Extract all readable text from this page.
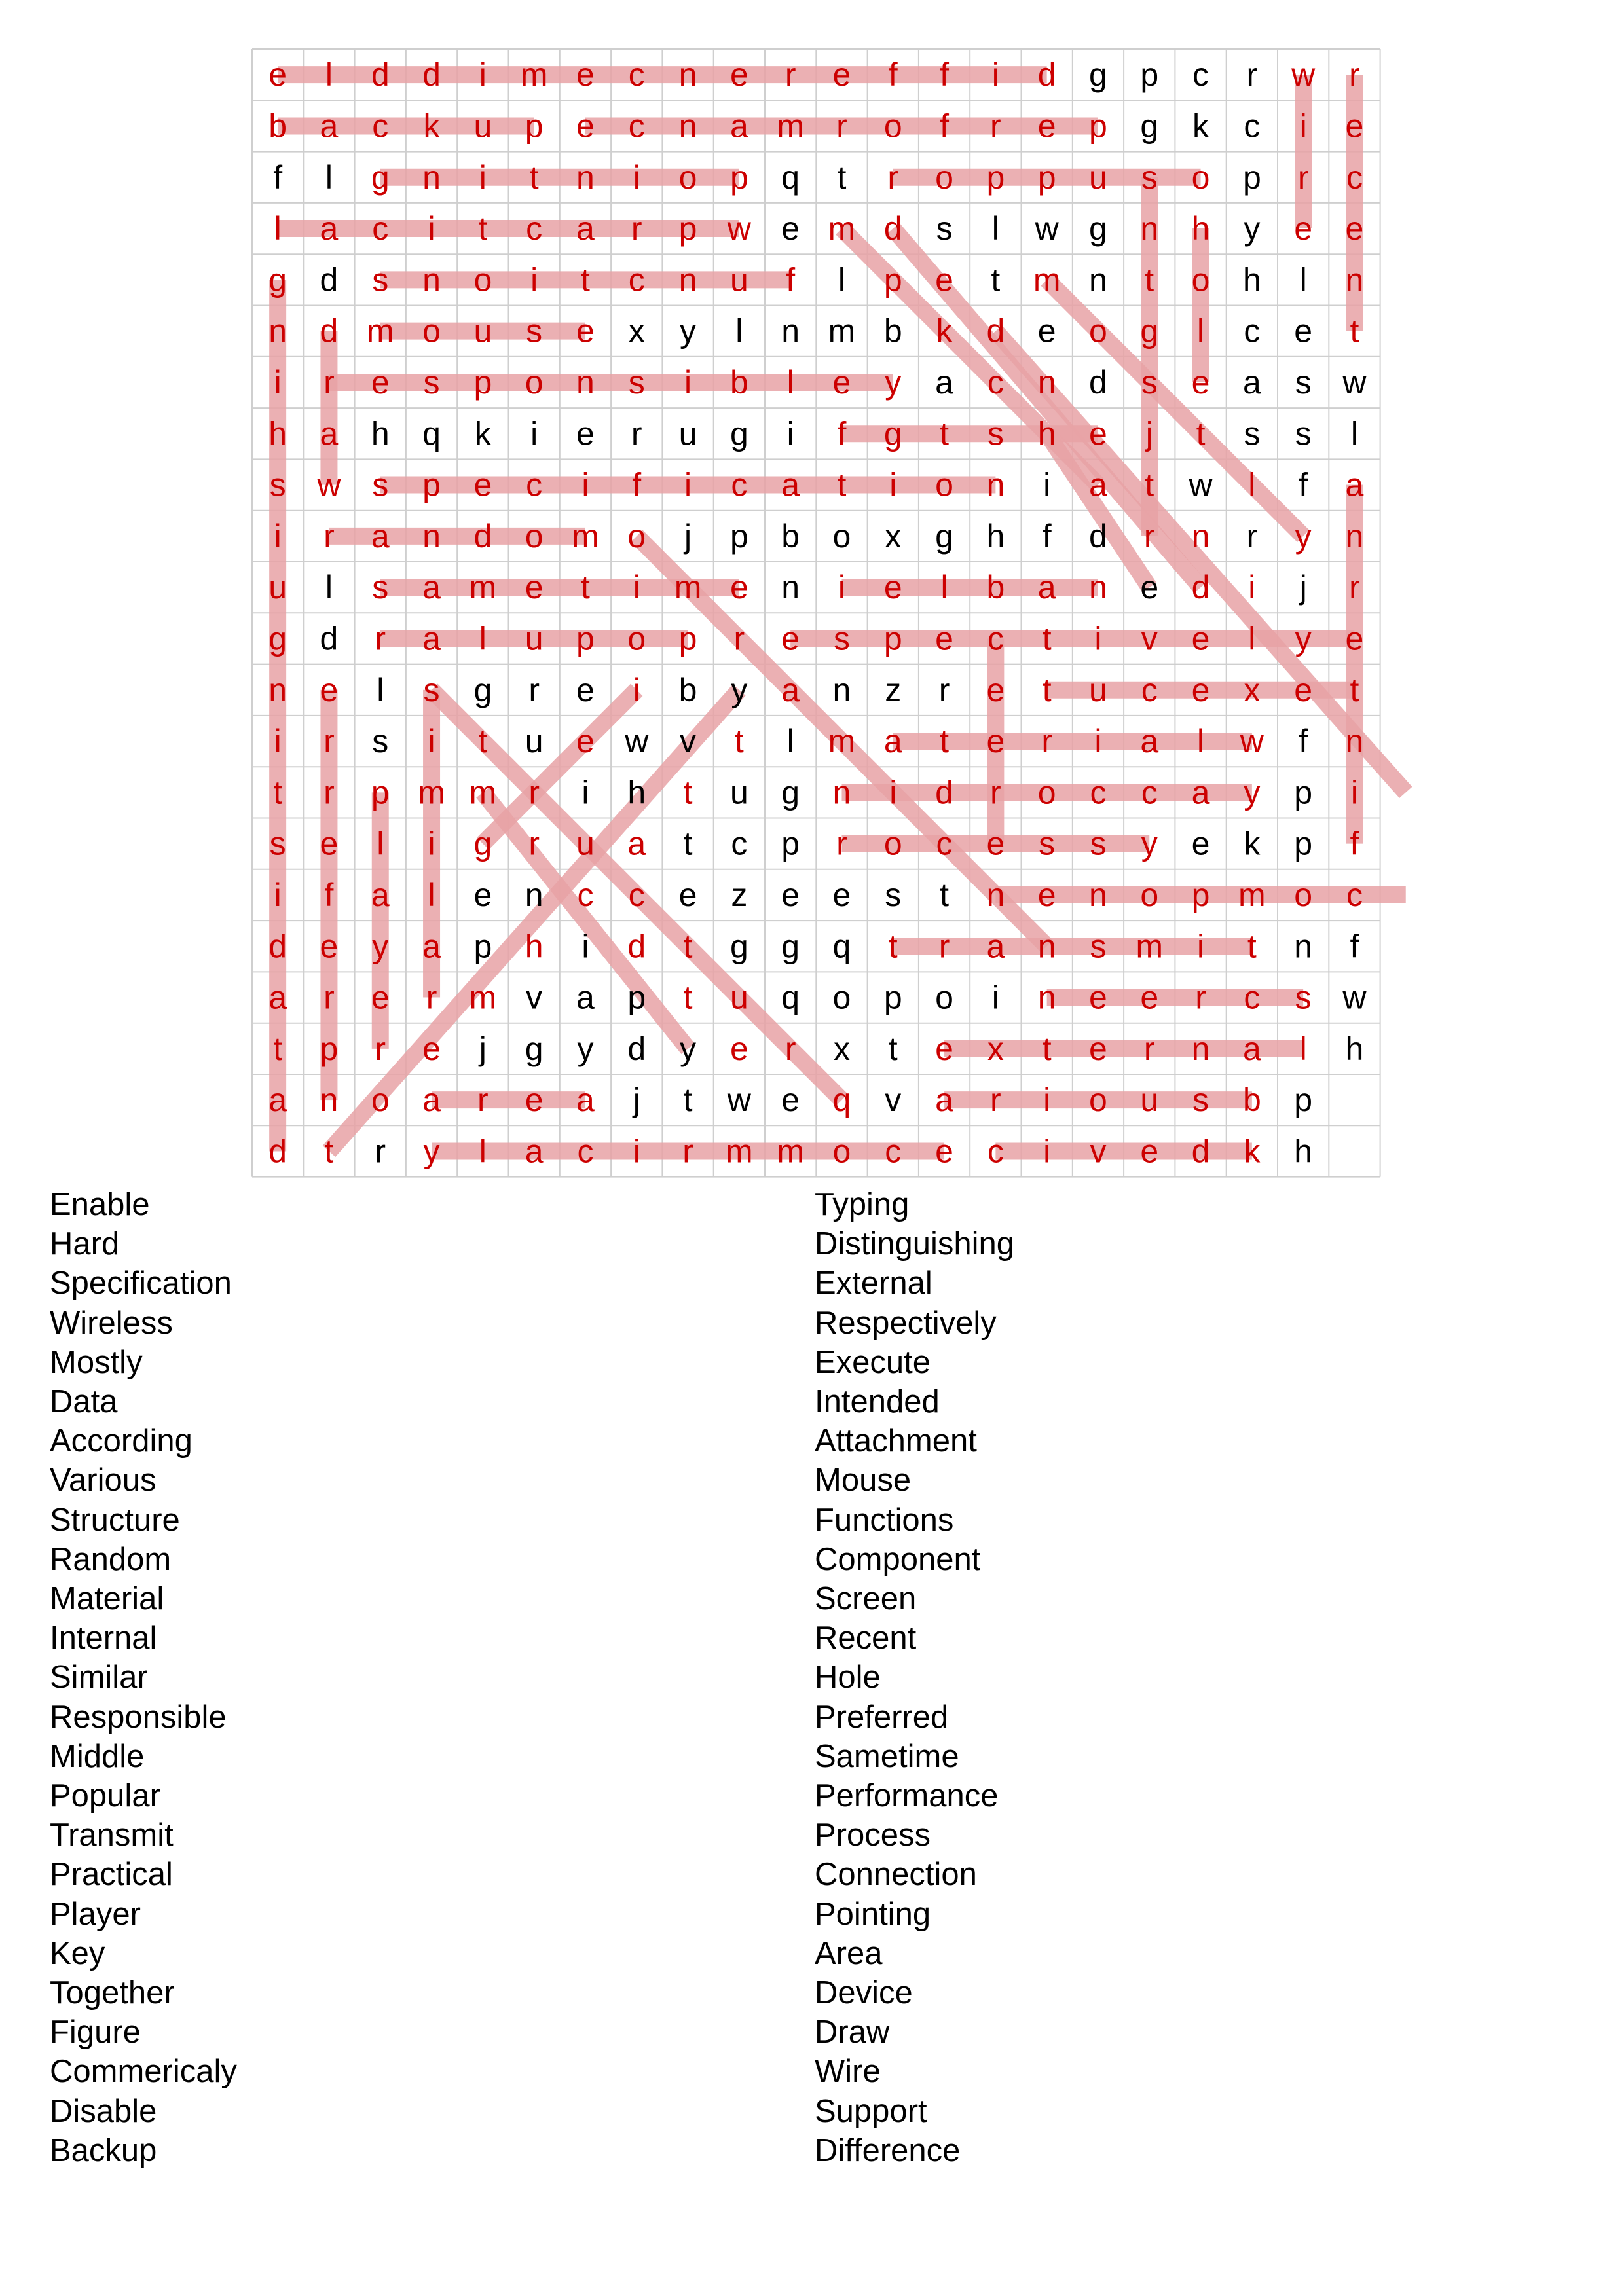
e l d d i m e c n e r e f f i d g p c r w r
b a c k u p e c n a m r o f r e p g k c i e
f l g n i t n i o p q t r o p p u s o p r c
l a c i t c a r p w e m d s l w g n h y e e
g d s n o i t c n u f l p e t m n t o h l n
n d m o u s e x y l n m b k d e o g l c e t
i r e s p o n s i b l e y a c n d s e a s w
h a h q k i e r u g i f g t s h e j t s s l
s w s p e c i f i c a t i o n i a t w l f a
i r a n d o m o j p b o x g h f d r n r y n
u l s a m e t i m e n i e l b a n e d i j r
g d r a l u p o p r e s p e c t i v e l y e
n e l s g r e i b y a n z r e t u c e x e t
i r s i t u e w v t l m a t e r i a l w f n
t r p m m r i h t u g n i d r o c c a y p i
s e l i g r u a t c p r o c e s s y e k p f
i f a l e n c c e z e e s t n e n o p m o c
d e y a p h i d t g g q t r a n s m i t n f
a r e r m v a p t u q o p o i n e e r c s w
t p r e j g y d y e r x t e x t e r n a l h
a n o a r e a j t w e q v a r i o u s b p
d t r y l a c i r m m o c e c i v e d k h
Enable
Hard
Specification
Wireless
Mostly
Data
According
Various
Structure
Random
Material
Internal
Similar
Responsible
Middle
Popular
Transmit
Practical
Player
Key
Together
Figure
Commericaly
Disable
Backup
Typing
Distinguishing
External
Respectively
Execute
Intended
Attachment
Mouse
Functions
Component
Screen
Recent
Hole
Preferred
Sametime
Performance
Process
Connection
Pointing
Area
Device
Draw
Wire
Support
Difference
